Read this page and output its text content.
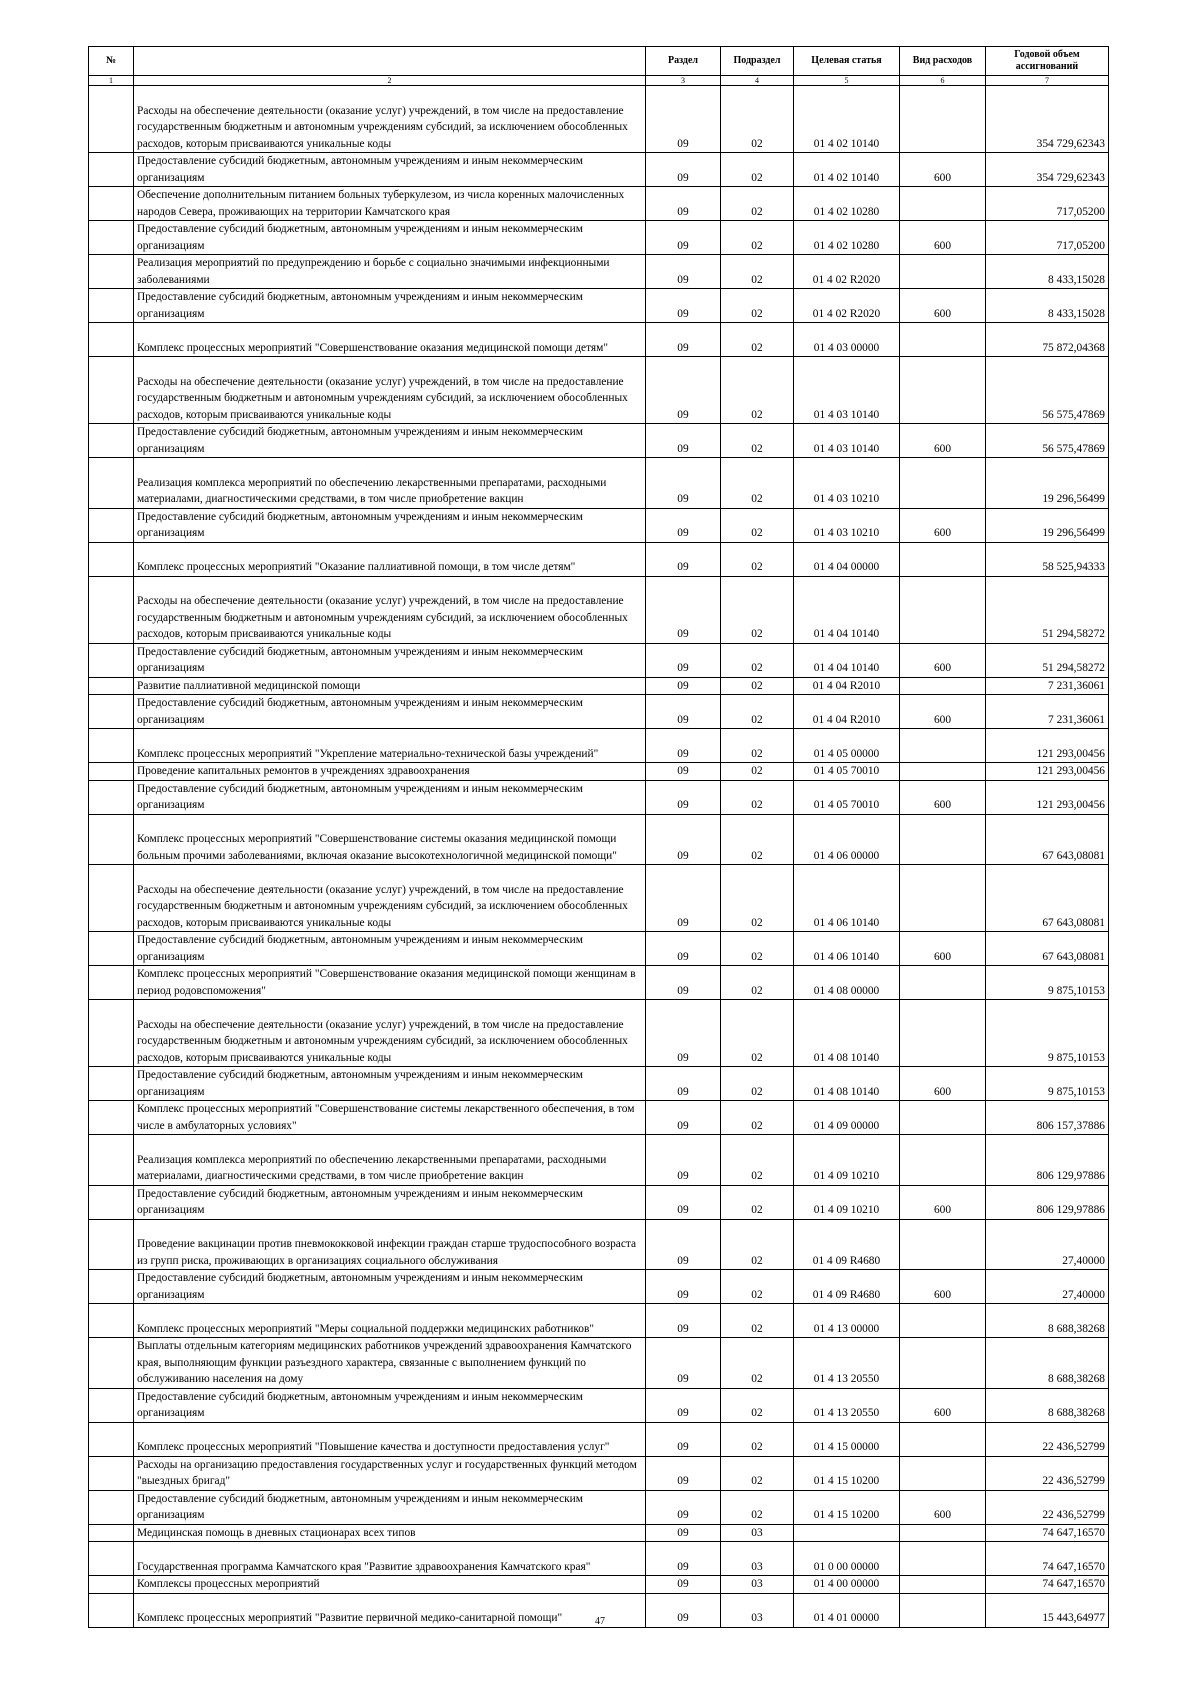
№		Раздел	Подраздел	Целевая статья	Вид расходов	Годовой объем ассигнований
1	2	3	4	5	6	7
	Расходы на обеспечение деятельности (оказание услуг) учреждений, в том числе на предоставление государственным бюджетным и автономным учреждениям субсидий, за исключением обособленных расходов, которым присваиваются уникальные коды	09	02	01 4 02 10140		354 729,62343
	Предоставление субсидий бюджетным, автономным учреждениям и иным некоммерческим организациям	09	02	01 4 02 10140	600	354 729,62343
	Обеспечение дополнительным питанием больных туберкулезом, из числа коренных малочисленных народов Севера, проживающих на территории Камчатского края	09	02	01 4 02 10280		717,05200
	Предоставление субсидий бюджетным, автономным учреждениям и иным некоммерческим организациям	09	02	01 4 02 10280	600	717,05200
	Реализация мероприятий по предупреждению и борьбе с социально значимыми инфекционными заболеваниями	09	02	01 4 02 R2020		8 433,15028
	Предоставление субсидий бюджетным, автономным учреждениям и иным некоммерческим организациям	09	02	01 4 02 R2020	600	8 433,15028
	Комплекс процессных мероприятий "Совершенствование оказания медицинской помощи детям"	09	02	01 4 03 00000		75 872,04368
	Расходы на обеспечение деятельности (оказание услуг) учреждений, в том числе на предоставление государственным бюджетным и автономным учреждениям субсидий, за исключением обособленных расходов, которым присваиваются уникальные коды	09	02	01 4 03 10140		56 575,47869
	Предоставление субсидий бюджетным, автономным учреждениям и иным некоммерческим организациям	09	02	01 4 03 10140	600	56 575,47869
	Реализация комплекса мероприятий по обеспечению лекарственными препаратами, расходными материалами, диагностическими средствами, в том числе приобретение вакцин	09	02	01 4 03 10210		19 296,56499
	Предоставление субсидий бюджетным, автономным учреждениям и иным некоммерческим организациям	09	02	01 4 03 10210	600	19 296,56499
	Комплекс процессных мероприятий "Оказание паллиативной помощи, в том числе детям"	09	02	01 4 04 00000		58 525,94333
	Расходы на обеспечение деятельности (оказание услуг) учреждений, в том числе на предоставление государственным бюджетным и автономным учреждениям субсидий, за исключением обособленных расходов, которым присваиваются уникальные коды	09	02	01 4 04 10140		51 294,58272
	Предоставление субсидий бюджетным, автономным учреждениям и иным некоммерческим организациям	09	02	01 4 04 10140	600	51 294,58272
	Развитие паллиативной медицинской помощи	09	02	01 4 04 R2010		7 231,36061
	Предоставление субсидий бюджетным, автономным учреждениям и иным некоммерческим организациям	09	02	01 4 04 R2010	600	7 231,36061
	Комплекс процессных мероприятий "Укрепление материально-технической базы учреждений"	09	02	01 4 05 00000		121 293,00456
	Проведение капитальных ремонтов в учреждениях здравоохранения	09	02	01 4 05 70010		121 293,00456
	Предоставление субсидий бюджетным, автономным учреждениям и иным некоммерческим организациям	09	02	01 4 05 70010	600	121 293,00456
	Комплекс процессных мероприятий "Совершенствование системы оказания медицинской помощи больным прочими заболеваниями, включая оказание высокотехнологичной медицинской помощи"	09	02	01 4 06 00000		67 643,08081
	Расходы на обеспечение деятельности (оказание услуг) учреждений, в том числе на предоставление государственным бюджетным и автономным учреждениям субсидий, за исключением обособленных расходов, которым присваиваются уникальные коды	09	02	01 4 06 10140		67 643,08081
	Предоставление субсидий бюджетным, автономным учреждениям и иным некоммерческим организациям	09	02	01 4 06 10140	600	67 643,08081
	Комплекс процессных мероприятий "Совершенствование оказания медицинской помощи женщинам в период родовспоможения"	09	02	01 4 08 00000		9 875,10153
	Расходы на обеспечение деятельности (оказание услуг) учреждений, в том числе на предоставление государственным бюджетным и автономным учреждениям субсидий, за исключением обособленных расходов, которым присваиваются уникальные коды	09	02	01 4 08 10140		9 875,10153
	Предоставление субсидий бюджетным, автономным учреждениям и иным некоммерческим организациям	09	02	01 4 08 10140	600	9 875,10153
	Комплекс процессных мероприятий "Совершенствование системы лекарственного обеспечения, в том числе в амбулаторных условиях"	09	02	01 4 09 00000		806 157,37886
	Реализация комплекса мероприятий по обеспечению лекарственными препаратами, расходными материалами, диагностическими средствами, в том числе приобретение вакцин	09	02	01 4 09 10210		806 129,97886
	Предоставление субсидий бюджетным, автономным учреждениям и иным некоммерческим организациям	09	02	01 4 09 10210	600	806 129,97886
	Проведение вакцинации против пневмококковой инфекции граждан старше трудоспособного возраста из групп риска, проживающих в организациях социального обслуживания	09	02	01 4 09 R4680		27,40000
	Предоставление субсидий бюджетным, автономным учреждениям и иным некоммерческим организациям	09	02	01 4 09 R4680	600	27,40000
	Комплекс процессных мероприятий "Меры социальной поддержки медицинских работников"	09	02	01 4 13 00000		8 688,38268
	Выплаты отдельным категориям медицинских работников учреждений здравоохранения Камчатского края, выполняющим функции разъездного характера, связанные с выполнением функций по обслуживанию населения на дому	09	02	01 4 13 20550		8 688,38268
	Предоставление субсидий бюджетным, автономным учреждениям и иным некоммерческим организациям	09	02	01 4 13 20550	600	8 688,38268
	Комплекс процессных мероприятий "Повышение качества и доступности предоставления услуг"	09	02	01 4 15 00000		22 436,52799
	Расходы на организацию предоставления государственных услуг и государственных функций методом "выездных бригад"	09	02	01 4 15 10200		22 436,52799
	Предоставление субсидий бюджетным, автономным учреждениям и иным некоммерческим организациям	09	02	01 4 15 10200	600	22 436,52799
	Медицинская помощь в дневных стационарах всех типов	09	03			74 647,16570
	Государственная программа Камчатского края "Развитие здравоохранения Камчатского края"	09	03	01 0 00 00000		74 647,16570
	Комплексы процессных мероприятий	09	03	01 4 00 00000		74 647,16570
	Комплекс процессных мероприятий "Развитие первичной медико-санитарной помощи"	09	03	01 4 01 00000		15 443,64977
47
